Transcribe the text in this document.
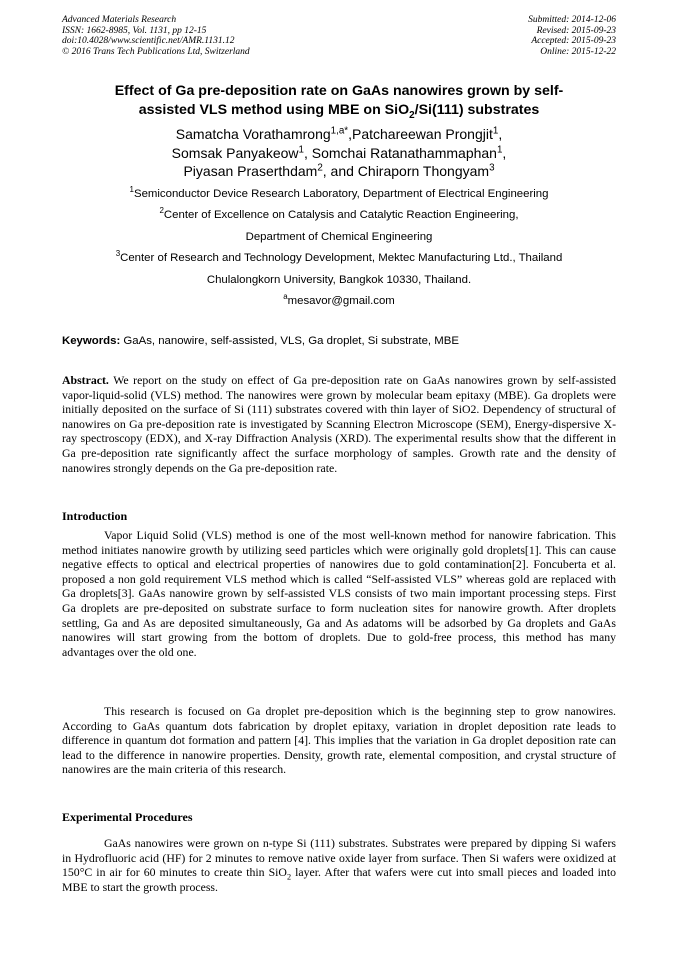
Advanced Materials Research
ISSN: 1662-8985, Vol. 1131, pp 12-15
doi:10.4028/www.scientific.net/AMR.1131.12
© 2016 Trans Tech Publications Ltd, Switzerland
Submitted: 2014-12-06
Revised: 2015-09-23
Accepted: 2015-09-23
Online: 2015-12-22
Effect of Ga pre-deposition rate on GaAs nanowires grown by self-
assisted VLS method using MBE on SiO$_2$/Si(111) substrates
Samatcha Vorathamrong$^{1,a*}$,Patchareewan Prongjit$^1$,
Somsak Panyakeow$^1$, Somchai Ratanathammaphan$^1$,
Piyasan Praserthdam$^2$, and Chiraporn Thongyam$^3$
$^1$Semiconductor Device Research Laboratory, Department of Electrical Engineering
$^2$Center of Excellence on Catalysis and Catalytic Reaction Engineering,
Department of Chemical Engineering
$^3$Center of Research and Technology Development, Mektec Manufacturing Ltd., Thailand
Chulalongkorn University, Bangkok 10330, Thailand.
$^a$mesavor@gmail.com
Keywords: GaAs, nanowire, self-assisted, VLS, Ga droplet, Si substrate, MBE

Abstract. We report on the study on effect of Ga pre-deposition rate on GaAs nanowires grown by self-assisted vapor-liquid-solid (VLS) method. The nanowires were grown by molecular beam epitaxy (MBE). Ga droplets were initially deposited on the surface of Si (111) substrates covered with thin layer of SiO2. Dependency of structural of nanowires on Ga pre-deposition rate is investigated by Scanning Electron Microscope (SEM), Energy-dispersive X-ray spectroscopy (EDX), and X-ray Diffraction Analysis (XRD). The experimental results show that the different in Ga pre-deposition rate significantly affect the surface morphology of samples. Growth rate and the density of nanowires strongly depends on the Ga pre-deposition rate.

Introduction

Vapor Liquid Solid (VLS) method is one of the most well-known method for nanowire fabrication. This method initiates nanowire growth by utilizing seed particles which were originally gold droplets[1]. This can cause negative effects to optical and electrical properties of nanowires due to gold contamination[2]. Foncuberta et al. proposed a non gold requirement VLS method which is called “Self-assisted VLS” whereas gold are replaced with Ga droplets[3]. GaAs nanowire grown by self-assisted VLS consists of two main important processing steps. First Ga droplets are pre-deposited on substrate surface to form nucleation sites for nanowire growth. After droplets settling, Ga and As are deposited simultaneously, Ga and As adatoms will be adsorbed by Ga droplets and GaAs nanowires will start growing from the bottom of droplets. Due to gold-free process, this method has many advantages over the old one.

This research is focused on Ga droplet pre-deposition which is the beginning step to grow nanowires. According to GaAs quantum dots fabrication by droplet epitaxy, variation in droplet deposition rate leads to difference in quantum dot formation and pattern [4]. This implies that the variation in Ga droplet deposition rate can lead to the difference in nanowire properties. Density, growth rate, elemental composition, and crystal structure of nanowires are the main criteria of this research.

Experimental Procedures

GaAs nanowires were grown on n-type Si (111) substrates. Substrates were prepared by dipping Si wafers in Hydrofluoric acid (HF) for 2 minutes to remove native oxide layer from surface. Then Si wafers were oxidized at 150°C in air for 60 minutes to create thin SiO$_2$ layer. After that wafers were cut into small pieces and loaded into MBE to start the growth process.
